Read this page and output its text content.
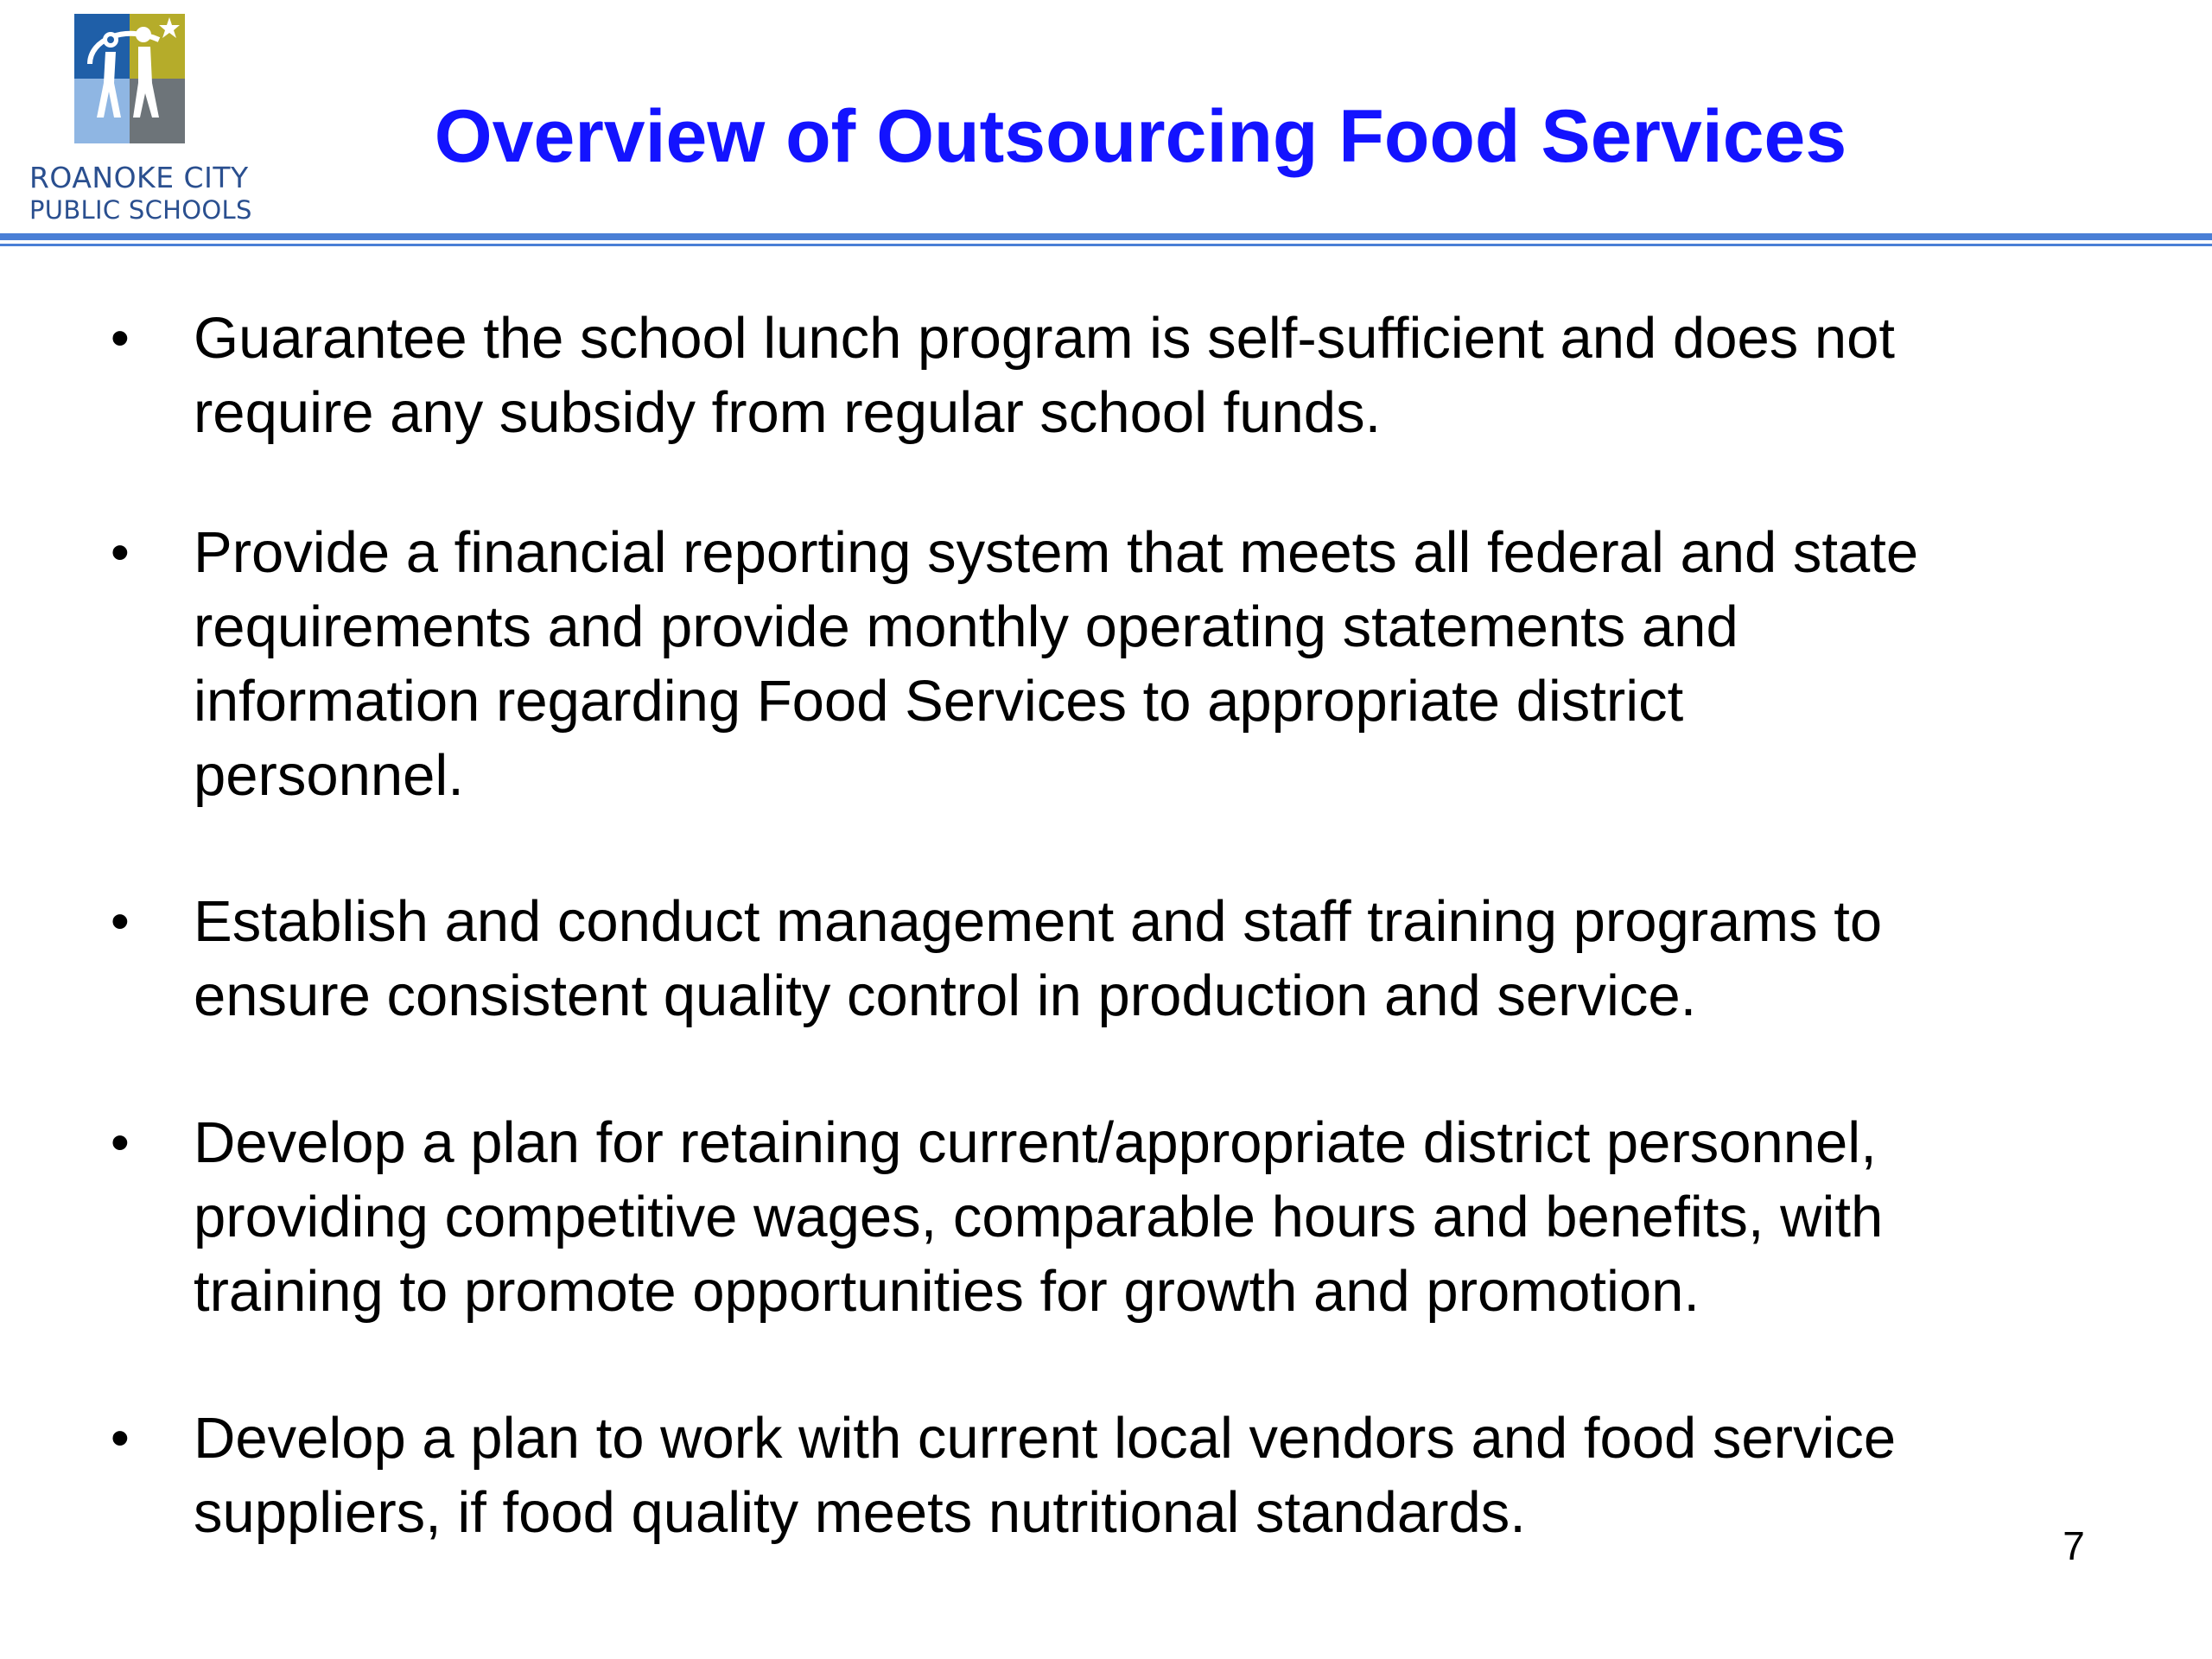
ROANOKE CITY
PUBLIC SCHOOLS
Overview of Outsourcing Food Services
• Guarantee the school lunch program is self-sufficient and does not
require any subsidy from regular school funds.
• Provide a financial reporting system that meets all federal and state
requirements and provide monthly operating statements and
information regarding Food Services to appropriate district
personnel.
• Establish and conduct management and staff training programs to
ensure consistent quality control in production and service.
• Develop a plan for retaining current/appropriate district personnel,
providing competitive wages, comparable hours and benefits, with
training to promote opportunities for growth and promotion.
• Develop a plan to work with current local vendors and food service
suppliers, if food quality meets nutritional standards.
7
